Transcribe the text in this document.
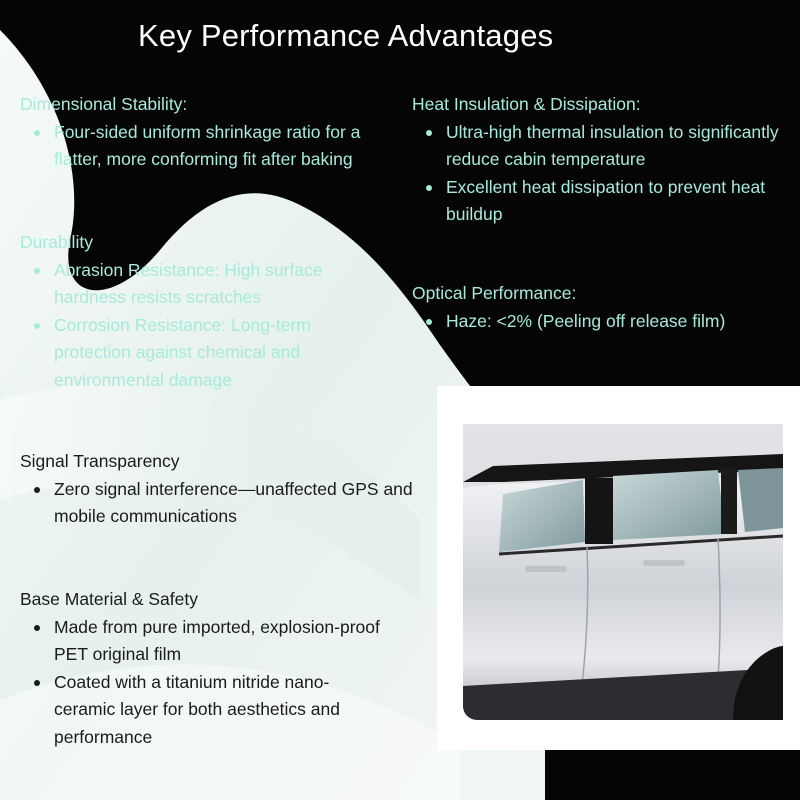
Key Performance Advantages

Dimensional Stability:

Four-sided uniform shrinkage ratio for a flatter, more conforming fit after baking

Heat Insulation & Dissipation:

Ultra-high thermal insulation to significantly reduce cabin temperature
Excellent heat dissipation to prevent heat buildup

Durability

Abrasion Resistance: High surface hardness resists scratches
Corrosion Resistance: Long-term protection against chemical and environmental damage

Optical Performance:

Haze: <2% (Peeling off release film)

Signal Transparency

Zero signal interference—unaffected GPS and mobile communications

Base Material & Safety

Made from pure imported, explosion-proof PET original film
Coated with a titanium nitride nano-ceramic layer for both aesthetics and performance
